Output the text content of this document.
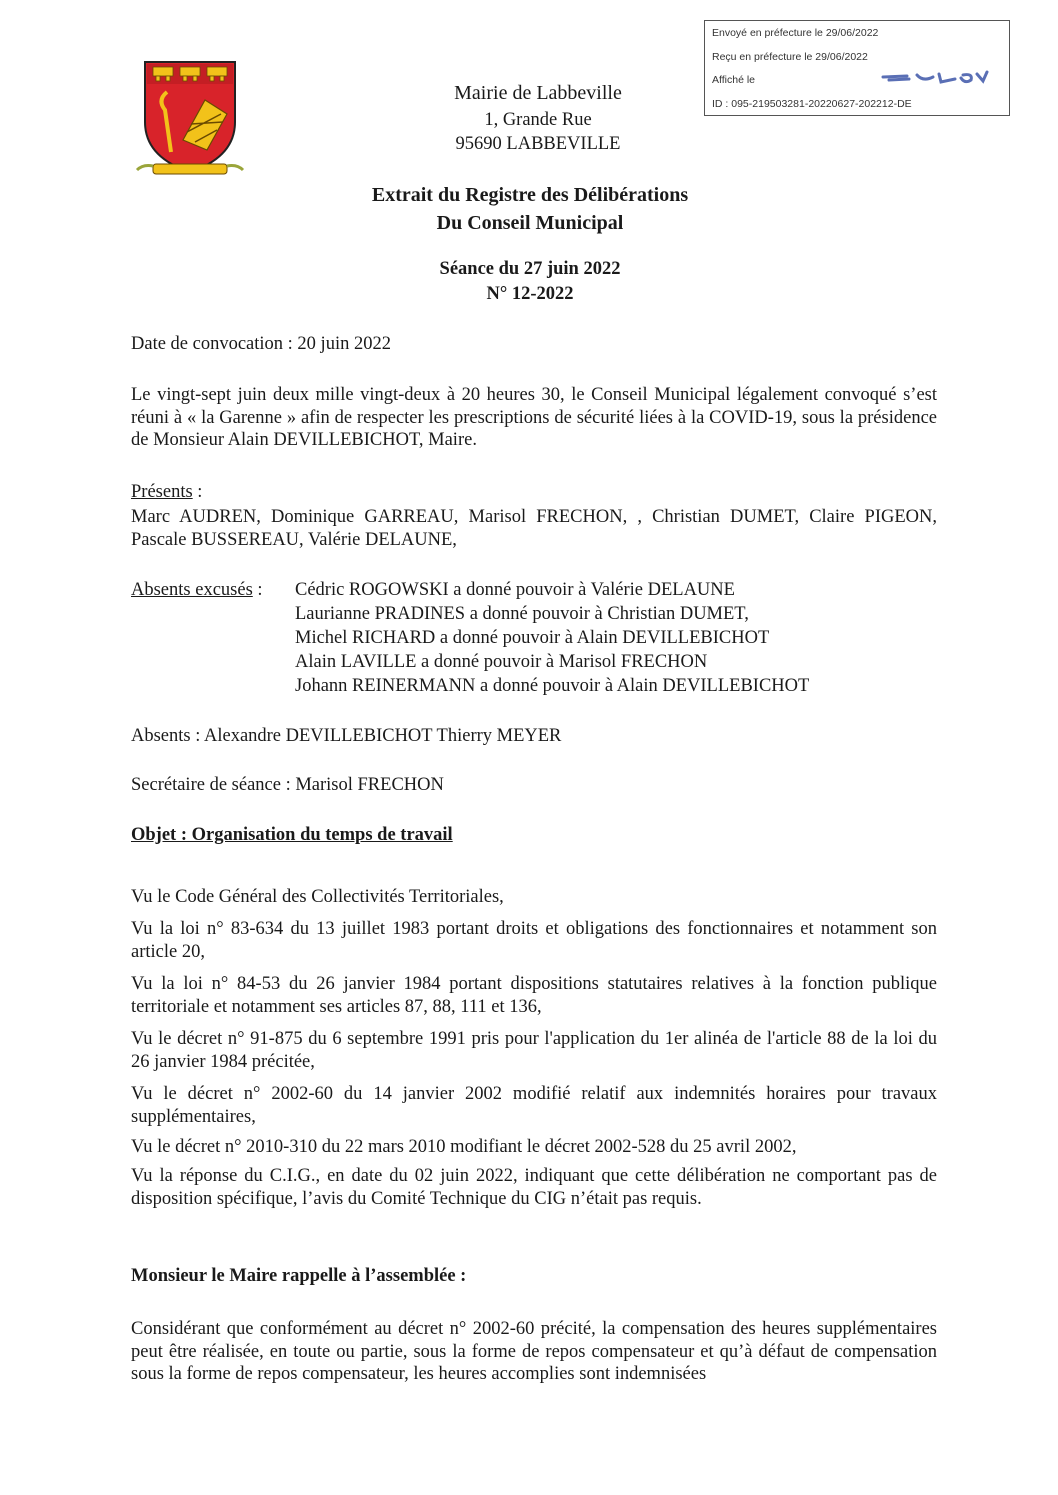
Envoyé en préfecture le 29/06/2022
Reçu en préfecture le 29/06/2022
Affiché le
ID : 095-219503281-20220627-202212-DE
Mairie de Labbeville
1, Grande Rue
95690 LABBEVILLE
Extrait du Registre des Délibérations
Du Conseil Municipal
Séance du 27 juin 2022
N° 12-2022
Date de convocation : 20 juin 2022
Le vingt-sept juin deux mille vingt-deux à 20 heures 30, le Conseil Municipal légalement convoqué s’est réuni à « la Garenne » afin de respecter les prescriptions de sécurité liées à la COVID-19, sous la présidence de Monsieur Alain DEVILLEBICHOT, Maire.
Présents :
Marc AUDREN, Dominique GARREAU, Marisol FRECHON, , Christian DUMET, Claire PIGEON, Pascale BUSSEREAU, Valérie DELAUNE,
Absents excusés : Cédric ROGOWSKI a donné pouvoir à Valérie DELAUNE
Laurianne PRADINES a donné pouvoir à Christian DUMET,
Michel RICHARD a donné pouvoir à Alain DEVILLEBICHOT
Alain LAVILLE a donné pouvoir à Marisol FRECHON
Johann REINERMANN a donné pouvoir à Alain DEVILLEBICHOT
Absents : Alexandre DEVILLEBICHOT Thierry MEYER
Secrétaire de séance : Marisol FRECHON
Objet : Organisation du temps de travail
Vu le Code Général des Collectivités Territoriales,
Vu la loi n° 83-634 du 13 juillet 1983 portant droits et obligations des fonctionnaires et notamment son article 20,
Vu la loi n° 84-53 du 26 janvier 1984 portant dispositions statutaires relatives à la fonction publique territoriale et notamment ses articles 87, 88, 111 et 136,
Vu le décret n° 91-875 du 6 septembre 1991 pris pour l'application du 1er alinéa de l'article 88 de la loi du 26 janvier 1984 précitée,
Vu le décret n° 2002-60 du 14 janvier 2002 modifié relatif aux indemnités horaires pour travaux supplémentaires,
Vu le décret n° 2010-310 du 22 mars 2010 modifiant le décret 2002-528 du 25 avril 2002,
Vu la réponse du C.I.G., en date du 02 juin 2022, indiquant que cette délibération ne comportant pas de disposition spécifique, l’avis du Comité Technique du CIG n’était pas requis.
Monsieur le Maire rappelle à l’assemblée :
Considérant que conformément au décret n° 2002-60 précité, la compensation des heures supplémentaires peut être réalisée, en toute ou partie, sous la forme de repos compensateur et qu’à défaut de compensation sous la forme de repos compensateur, les heures accomplies sont indemnisées
